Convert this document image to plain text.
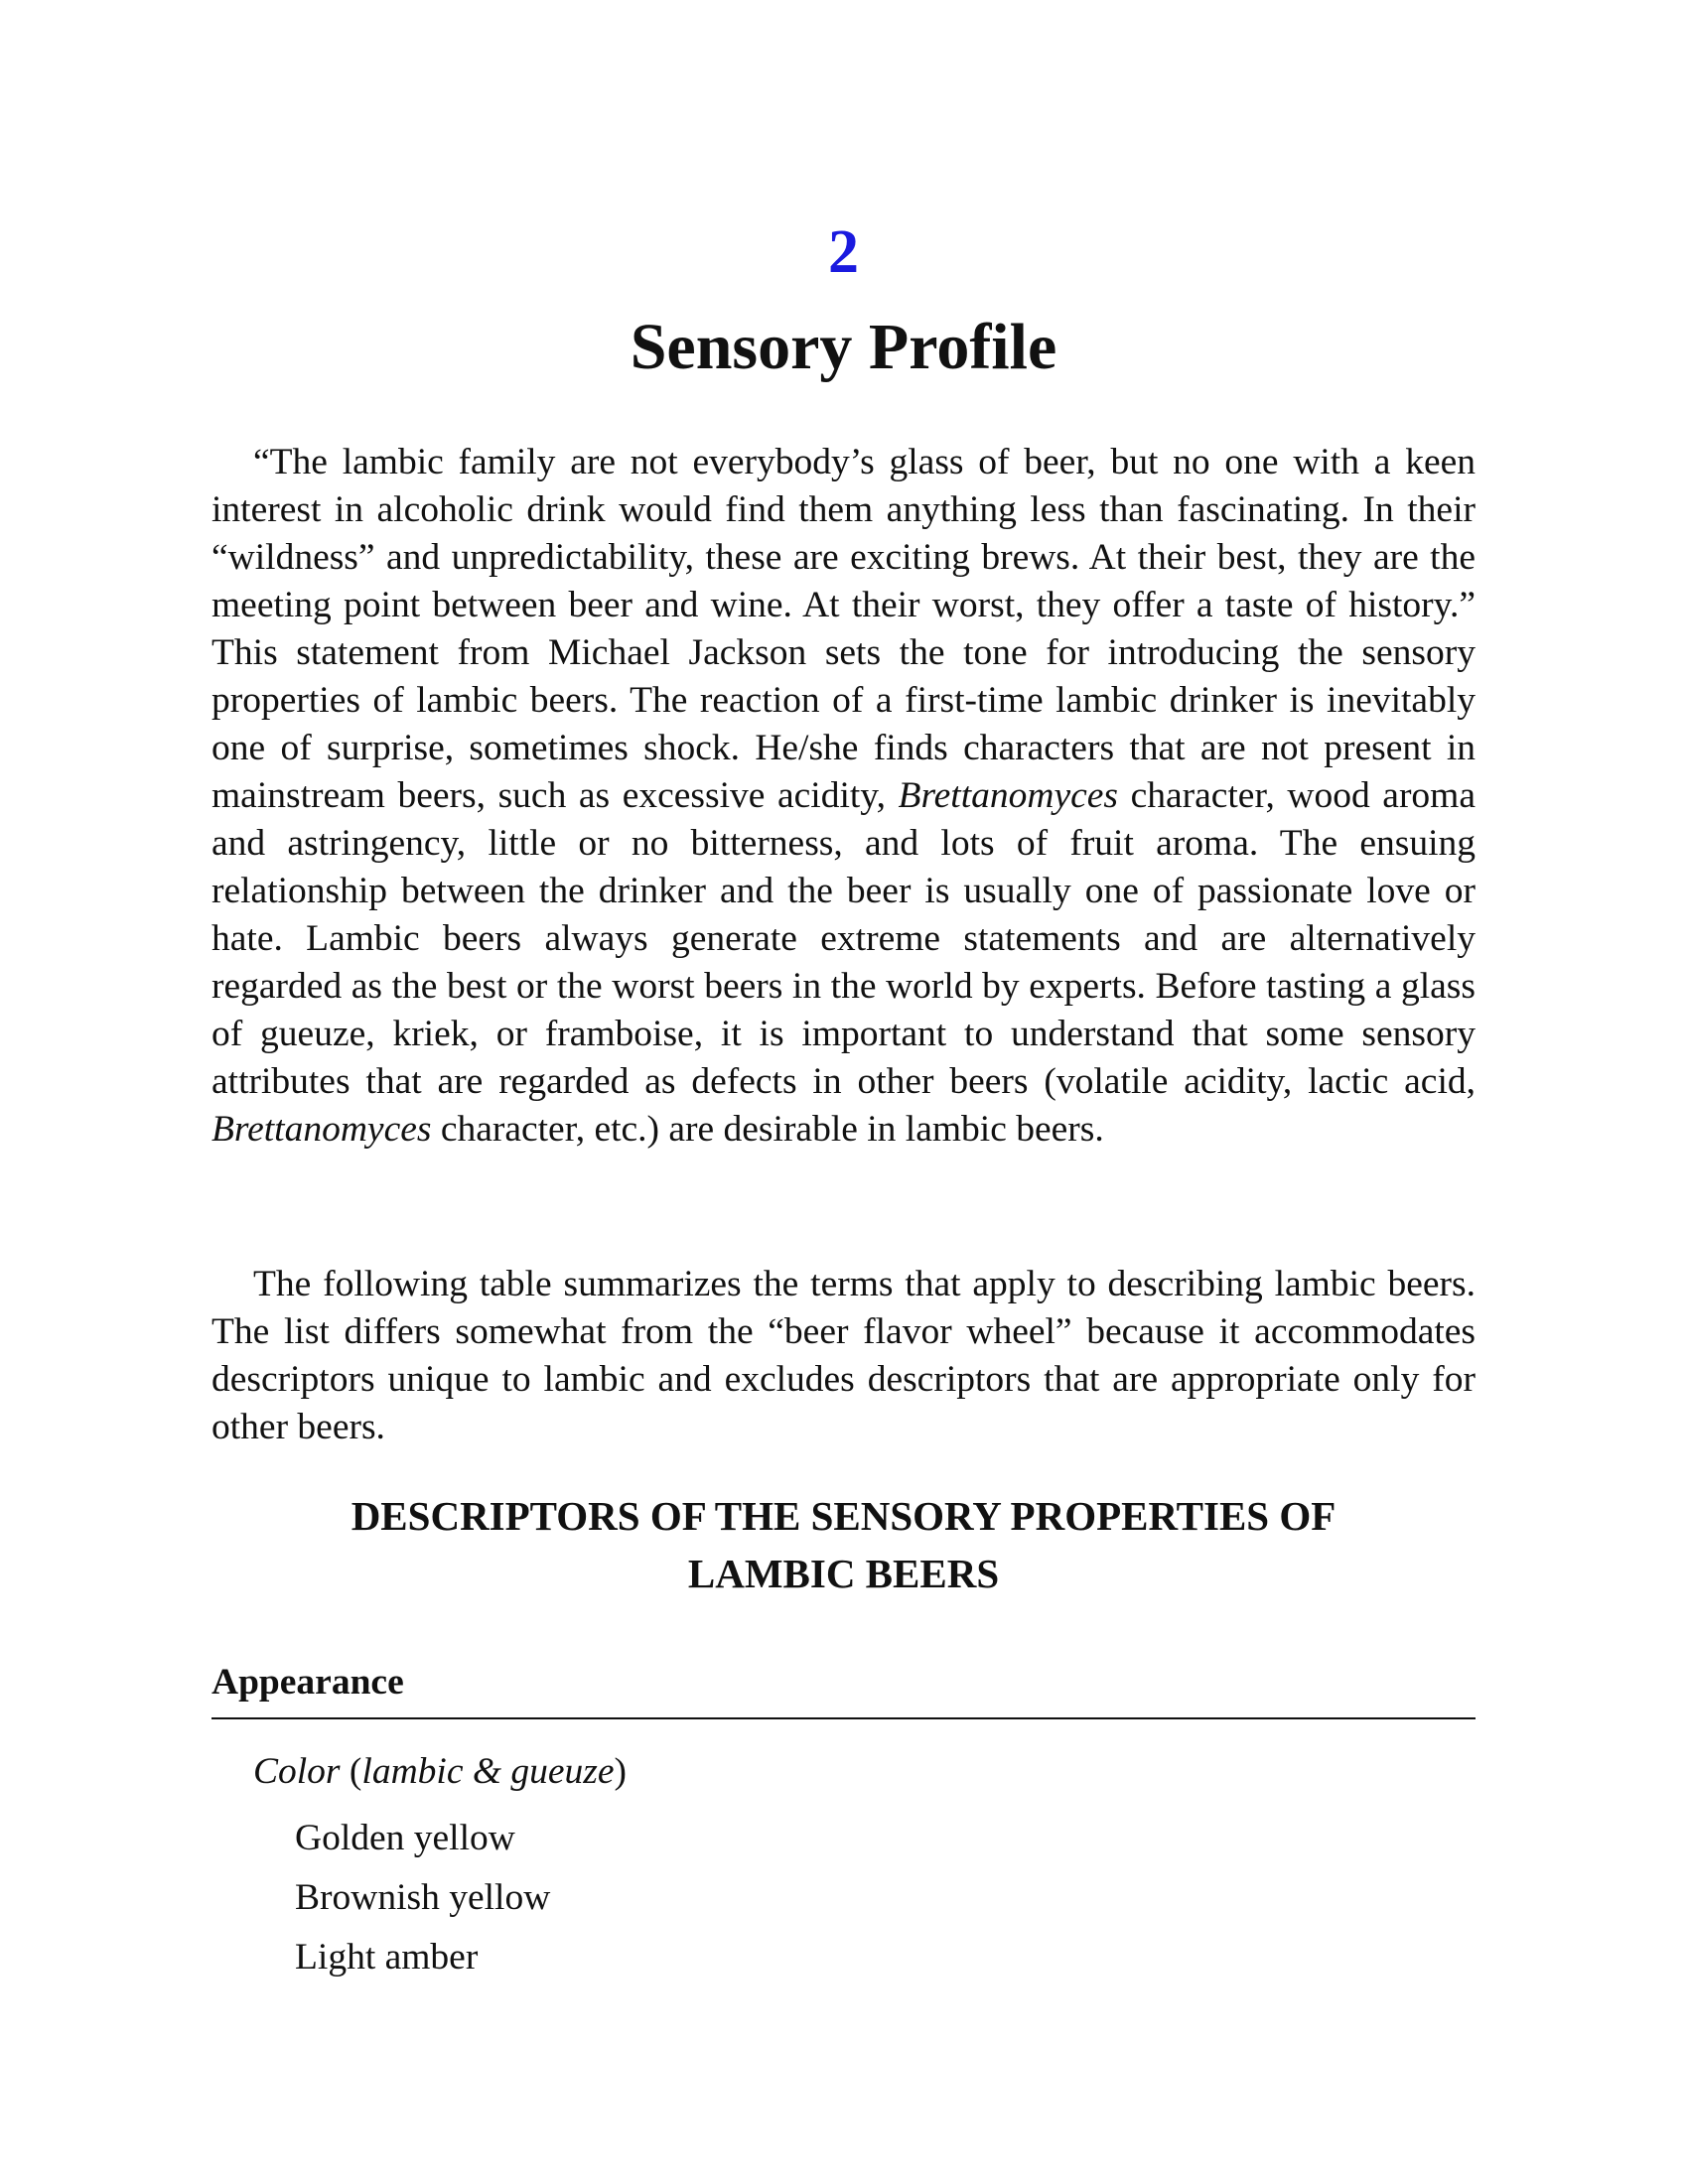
2
Sensory Profile

“The lambic family are not everybody’s glass of beer, but no one with a keen interest in alcoholic drink would find them anything less than fascinating. In their “wildness” and unpredictability, these are exciting brews. At their best, they are the meeting point between beer and wine. At their worst, they offer a taste of history.” This statement from Michael Jackson sets the tone for introducing the sensory properties of lambic beers. The reaction of a first-time lambic drinker is inevitably one of surprise, sometimes shock. He/she finds characters that are not present in mainstream beers, such as excessive acidity, Brettanomyces character, wood aroma and astringency, little or no bitterness, and lots of fruit aroma. The ensuing relationship between the drinker and the beer is usually one of passionate love or hate. Lambic beers always generate extreme statements and are alternatively regarded as the best or the worst beers in the world by experts. Before tasting a glass of gueuze, kriek, or framboise, it is important to understand that some sensory attributes that are regarded as defects in other beers (volatile acidity, lactic acid, Brettanomyces character, etc.) are desirable in lambic beers.

The following table summarizes the terms that apply to describing lambic beers. The list differs somewhat from the “beer flavor wheel” because it accommodates descriptors unique to lambic and excludes descriptors that are appropriate only for other beers.

DESCRIPTORS OF THE SENSORY PROPERTIES OF
LAMBIC BEERS
Appearance
Color (lambic & gueuze)
Golden yellow
Brownish yellow
Light amber
